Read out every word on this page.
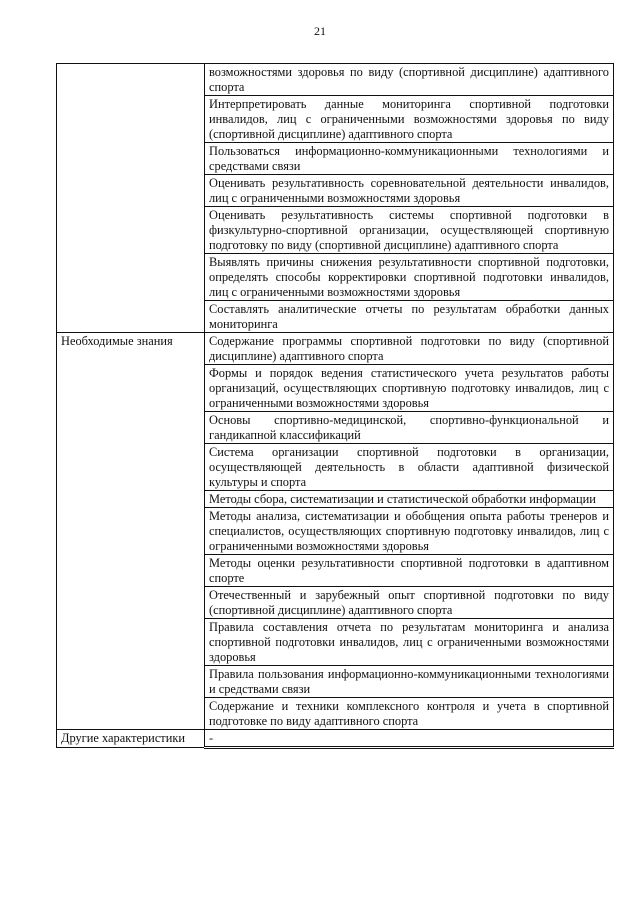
21
	возможностями здоровья по виду (спортивной дисциплине) адаптивного спорта
	Интерпретировать данные мониторинга спортивной подготовки инвалидов, лиц с ограниченными возможностями здоровья по виду (спортивной дисциплине) адаптивного спорта
	Пользоваться информационно-коммуникационными технологиями и средствами связи
	Оценивать результативность соревновательной деятельности инвалидов, лиц с ограниченными возможностями здоровья
	Оценивать результативность системы спортивной подготовки в физкультурно-спортивной организации, осуществляющей спортивную подготовку по виду (спортивной дисциплине) адаптивного спорта
	Выявлять причины снижения результативности спортивной подготовки, определять способы корректировки спортивной подготовки инвалидов, лиц с ограниченными возможностями здоровья
	Составлять аналитические отчеты по результатам обработки данных мониторинга
Необходимые знания	Содержание программы спортивной подготовки по виду (спортивной дисциплине) адаптивного спорта
	Формы и порядок ведения статистического учета результатов работы организаций, осуществляющих спортивную подготовку инвалидов, лиц с ограниченными возможностями здоровья
	Основы спортивно-медицинской, спортивно-функциональной и гандикапной классификаций
	Система организации спортивной подготовки в организации, осуществляющей деятельность в области адаптивной физической культуры и спорта
	Методы сбора, систематизации и статистической обработки информации
	Методы анализа, систематизации и обобщения опыта работы тренеров и специалистов, осуществляющих спортивную подготовку инвалидов, лиц с ограниченными возможностями здоровья
	Методы оценки результативности спортивной подготовки в адаптивном спорте
	Отечественный и зарубежный опыт спортивной подготовки по виду (спортивной дисциплине) адаптивного спорта
	Правила составления отчета по результатам мониторинга и анализа спортивной подготовки инвалидов, лиц с ограниченными возможностями здоровья
	Правила пользования информационно-коммуникационными технологиями и средствами связи
	Содержание и техники комплексного контроля и учета в спортивной подготовке по виду адаптивного спорта
Другие характеристики	-
